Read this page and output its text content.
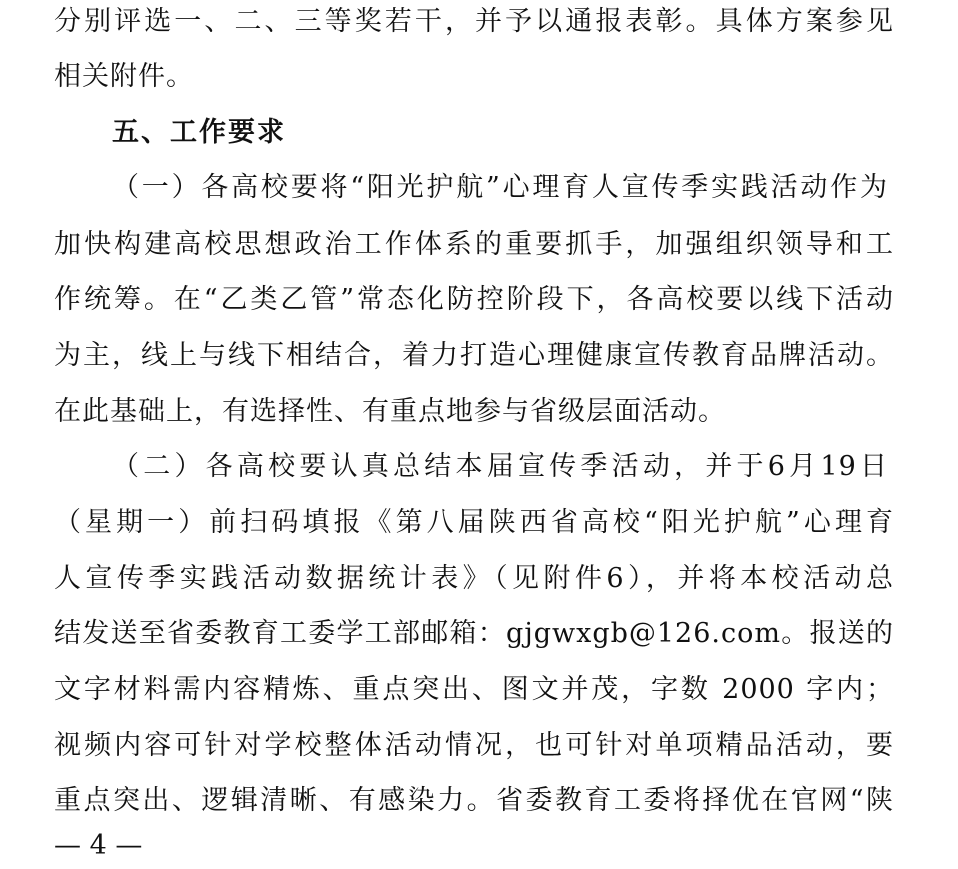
分别评选一、二、三等奖若干，并予以通报表彰。具体方案参见
相关附件。
五、工作要求
（一）各高校要将“阳光护航”心理育人宣传季实践活动作为
加快构建高校思想政治工作体系的重要抓手，加强组织领导和工
作统筹。在“乙类乙管”常态化防控阶段下，各高校要以线下活动
为主，线上与线下相结合，着力打造心理健康宣传教育品牌活动。
在此基础上，有选择性、有重点地参与省级层面活动。
（二）各高校要认真总结本届宣传季活动，并于6月19日
（星期一）前扫码填报《第八届陕西省高校“阳光护航”心理育
人宣传季实践活动数据统计表》（见附件6），并将本校活动总
结发送至省委教育工委学工部邮箱：gjgwxgb@126.com。报送的
文字材料需内容精炼、重点突出、图文并茂，字数 2000 字内；
视频内容可针对学校整体活动情况，也可针对单项精品活动，要
重点突出、逻辑清晰、有感染力。省委教育工委将择优在官网“陕
— 4 —
